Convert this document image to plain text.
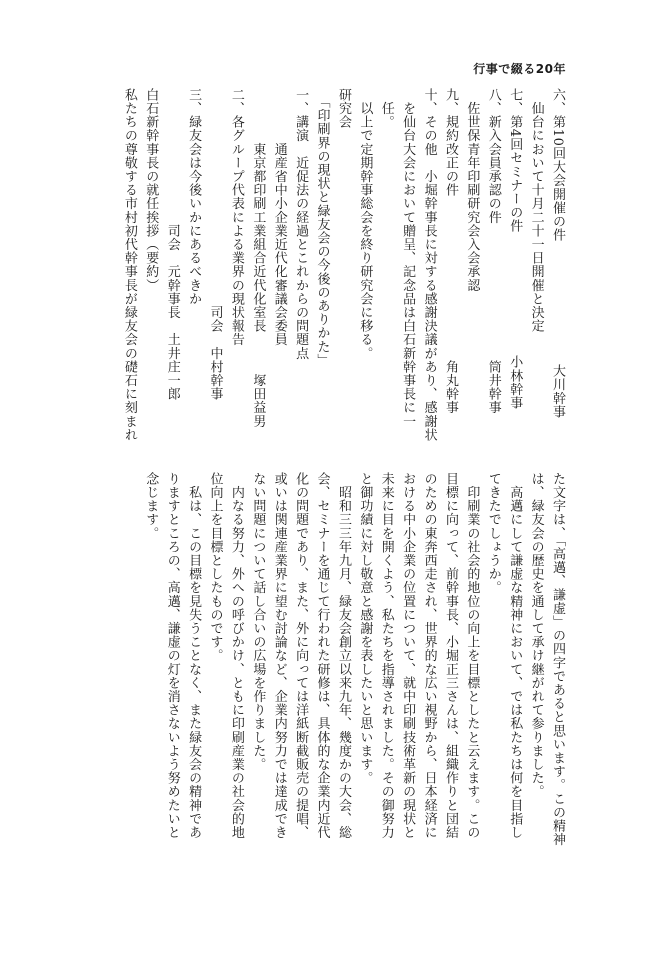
行事で綴る20年
六、第10回大会開催の件　　　　　　　　　大川幹事
　仙台において十月二十一日開催と決定
七、第4回セミナーの件　　　　　　　　　小林幹事
八、新入会員承認の件　　　　　　　　　　筒井幹事
　佐世保青年印刷研究会入会承認
九、規約改正の件　　　　　　　　　　　　角丸幹事
十、その他　小堀幹事長に対する感謝決議があり、感謝状
　を仙台大会において贈呈、記念品は白石新幹事長に一
　任。
　以上で定期幹事総会を終り研究会に移る。
研究会
　「印刷界の現状と緑友会の今後のありかた」
一、講演　近促法の経過とこれからの問題点
　　　　通産省中小企業近代化審議会委員
　　　　東京都印刷工業組合近代化室長　　　塚田益男
二、各グループ代表による業界の現状報告
　　　　　　　　　　　　　　　　司会　中村幹事
三、緑友会は今後いかにあるべきか
　　　　　　　　　　司会　元幹事長　土井庄一郎
白石新幹事長の就任挨拶（要約）
私たちの尊敬する市村初代幹事長が緑友会の礎石に刻まれ
た文字は、「高邁、謙虚」の四字であると思います。この精神
は、緑友会の歴史を通して承け継がれて参りました。
　高邁にして謙虚な精神において、では私たちは何を目指し
てきたでしょうか。
　印刷業の社会的地位の向上を目標としたと云えます。この
目標に向って、前幹事長、小堀正三さんは、組織作りと団結
のための東奔西走され、世界的な広い視野から、日本経済に
おける中小企業の位置について、就中印刷技術革新の現状と
未来に目を開くよう、私たちを指導されました。その御努力
と御功績に対し敬意と感謝を表したいと思います。
　昭和三三年九月、緑友会創立以来九年、幾度かの大会、総
会、セミナーを通じて行われた研修は、具体的な企業内近代
化の問題であり、また、外に向っては洋紙断截販売の提唱、
或いは関連産業界に望む討論など、企業内努力では達成でき
ない問題について話し合いの広場を作りました。
　内なる努力、外への呼びかけ、ともに印刷産業の社会的地
位向上を目標としたものです。
　私は、この目標を見失うことなく、また緑友会の精神であ
りますところの、高邁、謙虚の灯を消さないよう努めたいと
念じます。
